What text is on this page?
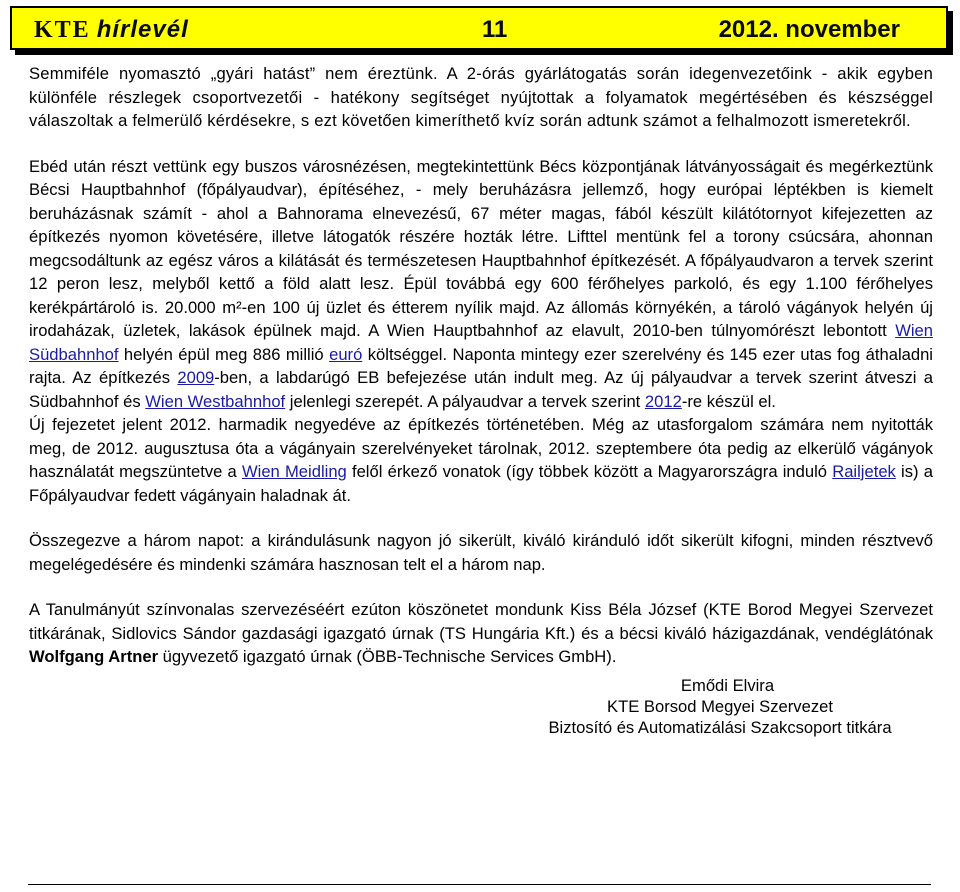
KTE hírlevél	11	2012. november

Semmiféle nyomasztó „gyári hatást” nem éreztünk. A 2-órás gyárlátogatás során idegenvezetőink - akik egyben különféle részlegek csoportvezetői - hatékony segítséget nyújtottak a folyamatok megértésében és készséggel válaszoltak a felmerülő kérdésekre, s ezt követően kimeríthető kvíz során adtunk számot a felhalmozott ismeretekről.

Ebéd után részt vettünk egy buszos városnézésen, megtekintettünk Bécs központjának látványosságait és megérkeztünk Bécsi Hauptbahnhof (főpályaudvar), építéséhez, - mely beruházásra jellemző, hogy európai léptékben is kiemelt beruházásnak számít - ahol a Bahnorama elnevezésű, 67 méter magas, fából készült kilátótornyot kifejezetten az építkezés nyomon követésére, illetve látogatók részére hozták létre. Lifttel mentünk fel a torony csúcsára, ahonnan megcsodáltunk az egész város a kilátását és természetesen Hauptbahnhof építkezését. A főpályaudvaron a tervek szerint 12 peron lesz, melyből kettő a föld alatt lesz. Épül továbbá egy 600 férőhelyes parkoló, és egy 1.100 férőhelyes kerékpártároló is. 20.000 m²-en 100 új üzlet és étterem nyílik majd. Az állomás környékén, a tároló vágányok helyén új irodaházak, üzletek, lakások épülnek majd. A Wien Hauptbahnhof az elavult, 2010-ben túlnyomórészt lebontott Wien Südbahnhof helyén épül meg 886 millió euró költséggel. Naponta mintegy ezer szerelvény és 145 ezer utas fog áthaladni rajta. Az építkezés 2009-ben, a labdarúgó EB befejezése után indult meg. Az új pályaudvar a tervek szerint átveszi a Südbahnhof és Wien Westbahnhof jelenlegi szerepét. A pályaudvar a tervek szerint 2012-re készül el.

Új fejezetet jelent 2012. harmadik negyedéve az építkezés történetében. Még az utasforgalom számára nem nyitották meg, de 2012. augusztusa óta a vágányain szerelvényeket tárolnak, 2012. szeptembere óta pedig az elkerülő vágányok használatát megszüntetve a Wien Meidling felől érkező vonatok (így többek között a Magyarországra induló Railjetek is) a Főpályaudvar fedett vágányain haladnak át.

Összegezve a három napot: a kirándulásunk nagyon jó sikerült, kiváló kiránduló időt sikerült kifogni, minden résztvevő megelégedésére és mindenki számára hasznosan telt el a három nap.

A Tanulmányút színvonalas szervezéséért ezúton köszönetet mondunk Kiss Béla József (KTE Borod Megyei Szervezet titkárának, Sidlovics Sándor gazdasági igazgató úrnak (TS Hungária Kft.) és a bécsi kiváló házigazdának, vendéglátónak Wolfgang Artner ügyvezető igazgató úrnak (ÖBB-Technische Services GmbH).

Emődi Elvira
KTE Borsod Megyei Szervezet
Biztosító és Automatizálási Szakcsoport titkára
